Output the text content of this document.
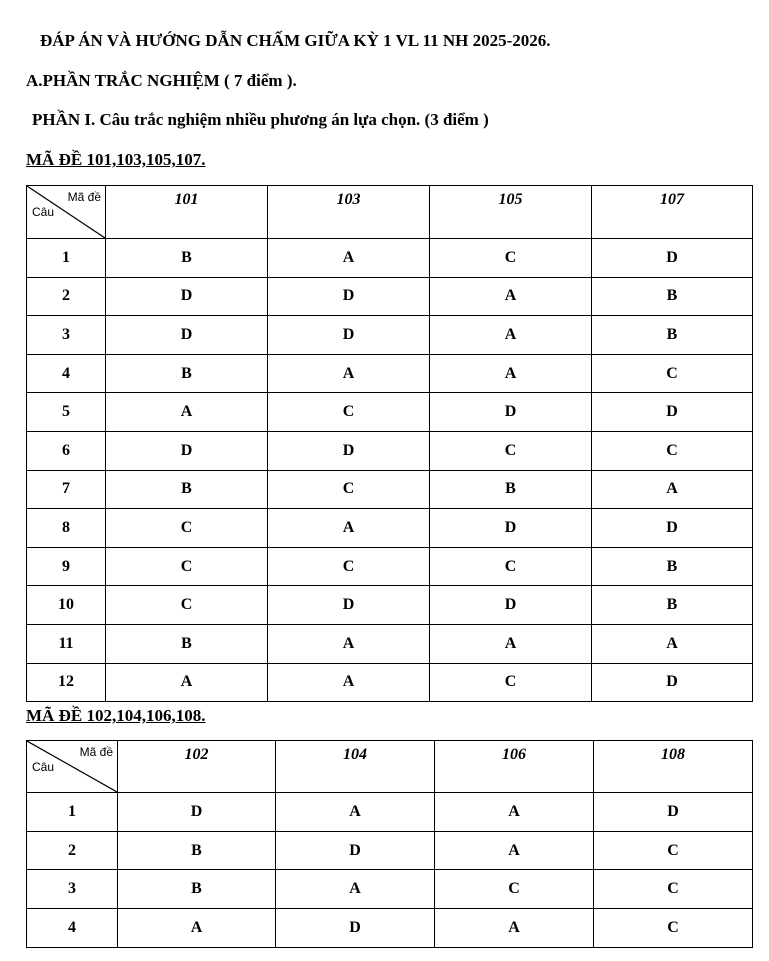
ĐÁP ÁN VÀ HƯỚNG DẪN CHẤM GIỮA KỲ 1 VL 11 NH 2025-2026.
A.PHẦN TRẮC NGHIỆM ( 7 điểm ).
PHẦN I. Câu trắc nghiệm nhiều phương án lựa chọn. (3 điểm )
MÃ ĐỀ 101,103,105,107.
Mã đề
Câu	101	103	105	107
1	B	A	C	D
2	D	D	A	B
3	D	D	A	B
4	B	A	A	C
5	A	C	D	D
6	D	D	C	C
7	B	C	B	A
8	C	A	D	D
9	C	C	C	B
10	C	D	D	B
11	B	A	A	A
12	A	A	C	D
MÃ ĐỀ 102,104,106,108.
Mã đề
Câu	102	104	106	108
1	D	A	A	D
2	B	D	A	C
3	B	A	C	C
4	A	D	A	C
